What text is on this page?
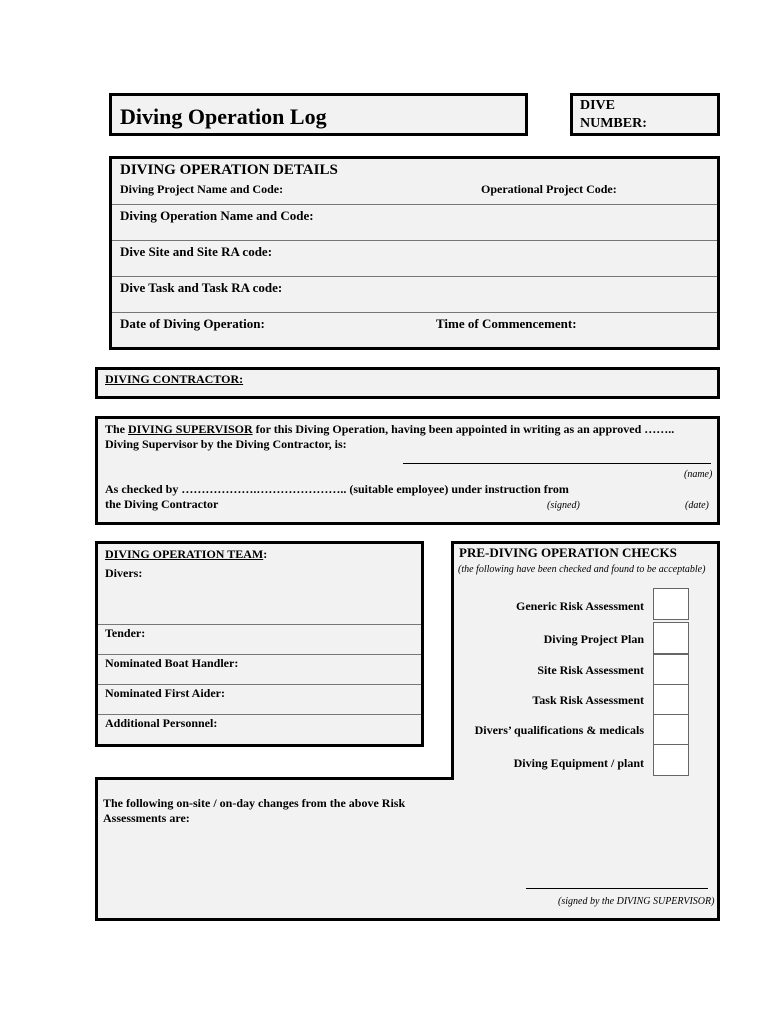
Diving Operation Log	DIVE
NUMBER:
DIVING OPERATION DETAILS
Diving Project Name and Code:	Operational Project Code:
Diving Operation Name and Code:
Dive Site and Site RA code:
Dive Task and Task RA code:
Date of Diving Operation:	Time of Commencement:
DIVING CONTRACTOR:
The DIVING SUPERVISOR for this Diving Operation, having been appointed in writing as an approved ……..
Diving Supervisor by the Diving Contractor, is:
(name)
As checked by ……………….………………….. (suitable employee) under instruction from
the Diving Contractor	(signed)	(date)
DIVING OPERATION TEAM:
Divers:
Tender:
Nominated Boat Handler:
Nominated First Aider:
Additional Personnel:
PRE-DIVING OPERATION CHECKS
(the following have been checked and found to be acceptable)
Generic Risk Assessment
Diving Project Plan
Site Risk Assessment
Task Risk Assessment
Divers’ qualifications & medicals
Diving Equipment / plant
The following on-site / on-day changes from the above Risk
Assessments are:
(signed by the DIVING SUPERVISOR)
